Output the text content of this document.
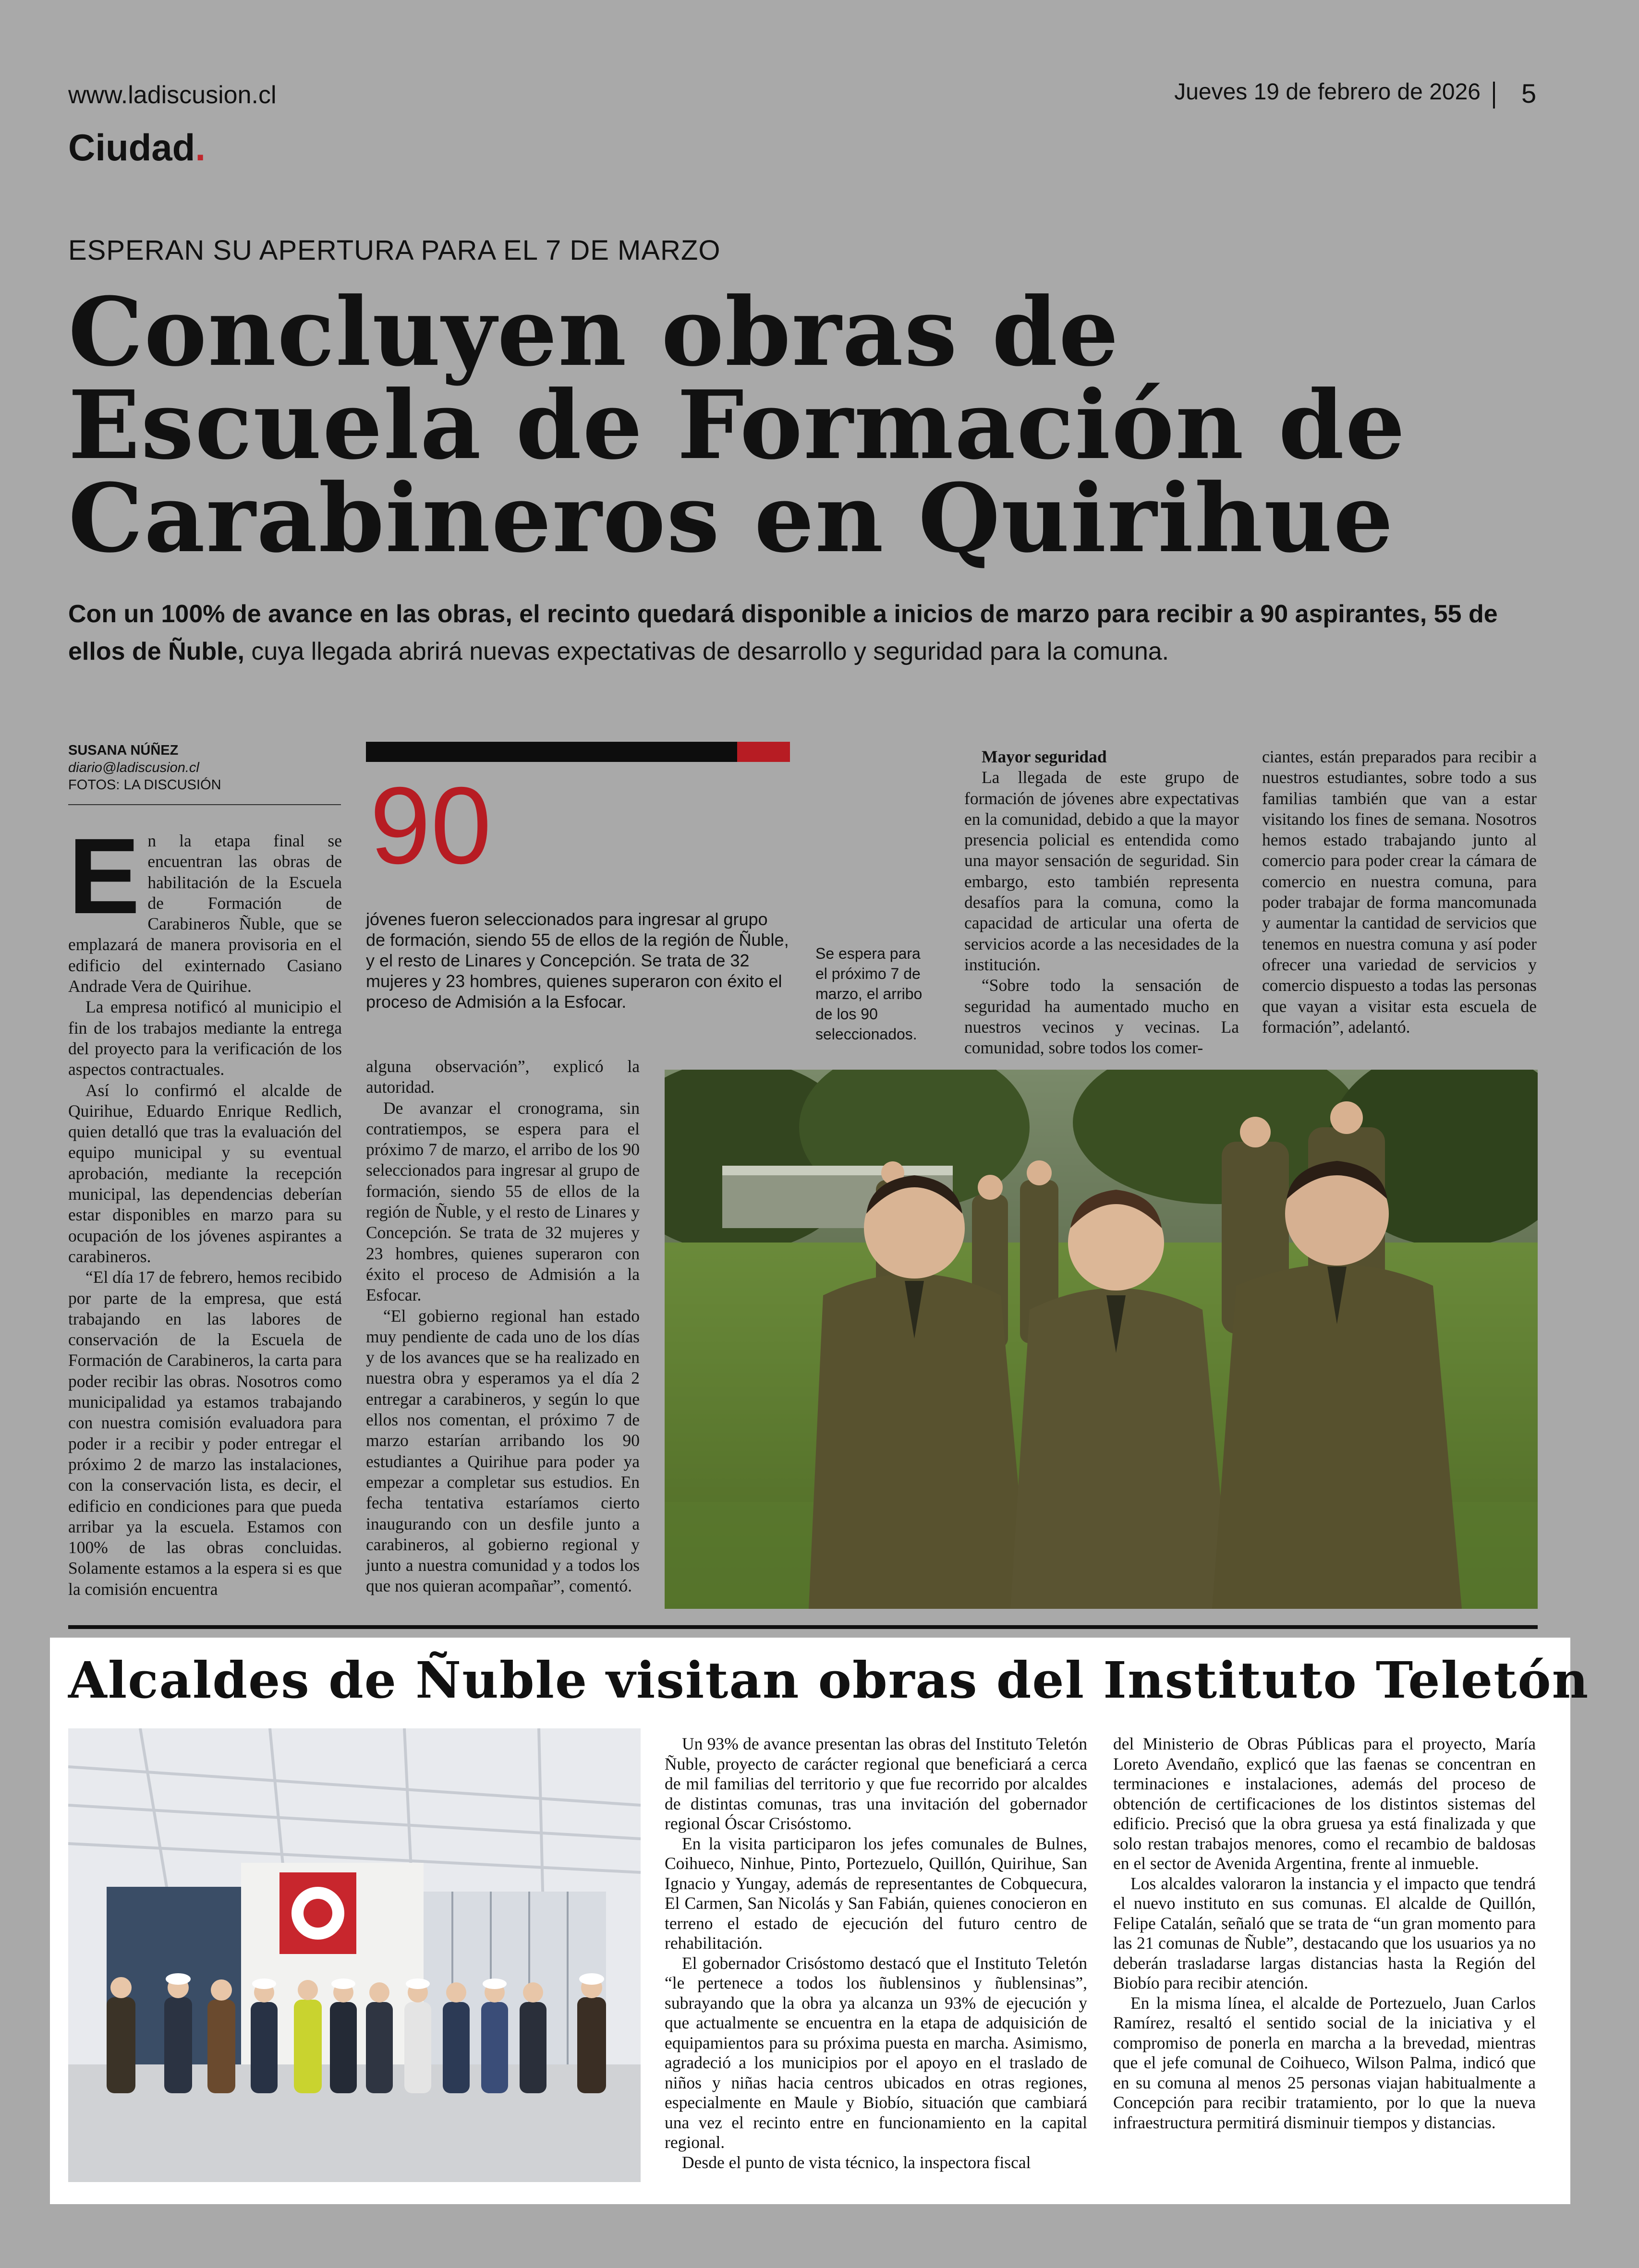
www.ladiscusion.cl	Jueves 19 de febrero de 2026 5
Ciudad.
ESPERAN SU APERTURA PARA EL 7 DE MARZO
Concluyen obras de
Escuela de Formación de
Carabineros en Quirihue
Con un 100% de avance en las obras, el recinto quedará disponible a inicios de marzo para recibir a 90 aspirantes, 55 de ellos de Ñuble, cuya llegada abrirá nuevas expectativas de desarrollo y seguridad para la comuna.
SUSANA NÚÑEZ
diario@ladiscusion.cl
FOTOS: LA DISCUSIÓN

En la etapa final se encuentran las obras de habilitación de la Escuela de Formación de Carabineros Ñuble, que se emplazará de manera provisoria en el edificio del exinternado Casiano Andrade Vera de Quirihue.

La empresa notificó al municipio el fin de los trabajos mediante la entrega del proyecto para la verificación de los aspectos contractuales.

Así lo confirmó el alcalde de Quirihue, Eduardo Enrique Redlich, quien detalló que tras la evaluación del equipo municipal y su eventual aprobación, mediante la recepción municipal, las dependencias deberían estar disponibles en marzo para su ocupación de los jóvenes aspirantes a carabineros.

“El día 17 de febrero, hemos recibido por parte de la empresa, que está trabajando en las labores de conservación de la Escuela de Formación de Carabineros, la carta para poder recibir las obras. Nosotros como municipalidad ya estamos trabajando con nuestra comisión evaluadora para poder ir a recibir y poder entregar el próximo 2 de marzo las instalaciones, con la conservación lista, es decir, el edificio en condiciones para que pueda arribar ya la escuela. Estamos con 100% de las obras concluidas. Solamente estamos a la espera si es que la comisión encuentra

90
jóvenes fueron seleccionados para ingresar al grupo de formación, siendo 55 de ellos de la región de Ñuble, y el resto de Linares y Concepción. Se trata de 32 mujeres y 23 hombres, quienes superaron con éxito el proceso de Admisión a la Esfocar.
Se espera para el próximo 7 de marzo, el arribo de los 90 seleccionados.

alguna observación”, explicó la autoridad.

De avanzar el cronograma, sin contratiempos, se espera para el próximo 7 de marzo, el arribo de los 90 seleccionados para ingresar al grupo de formación, siendo 55 de ellos de la región de Ñuble, y el resto de Linares y Concepción. Se trata de 32 mujeres y 23 hombres, quienes superaron con éxito el proceso de Admisión a la Esfocar.

“El gobierno regional han estado muy pendiente de cada uno de los días y de los avances que se ha realizado en nuestra obra y esperamos ya el día 2 entregar a carabineros, y según lo que ellos nos comentan, el próximo 7 de marzo estarían arribando los 90 estudiantes a Quirihue para poder ya empezar a completar sus estudios. En fecha tentativa estaríamos cierto inaugurando con un desfile junto a carabineros, al gobierno regional y junto a nuestra comunidad y a todos los que nos quieran acompañar”, comentó.

Mayor seguridad

La llegada de este grupo de formación de jóvenes abre expectativas en la comunidad, debido a que la mayor presencia policial es entendida como una mayor sensación de seguridad. Sin embargo, esto también representa desafíos para la comuna, como la capacidad de articular una oferta de servicios acorde a las necesidades de la institución.

“Sobre todo la sensación de seguridad ha aumentado mucho en nuestros vecinos y vecinas. La comunidad, sobre todos los comer-

ciantes, están preparados para recibir a nuestros estudiantes, sobre todo a sus familias también que van a estar visitando los fines de semana. Nosotros hemos estado trabajando junto al comercio para poder crear la cámara de comercio en nuestra comuna, para poder trabajar de forma mancomunada y aumentar la cantidad de servicios que tenemos en nuestra comuna y así poder ofrecer una variedad de servicios y comercio dispuesto a todas las personas que vayan a visitar esta escuela de formación”, adelantó.

Alcaldes de Ñuble visitan obras del Instituto Teletón

Un 93% de avance presentan las obras del Instituto Teletón Ñuble, proyecto de carácter regional que beneficiará a cerca de mil familias del territorio y que fue recorrido por alcaldes de distintas comunas, tras una invitación del gobernador regional Óscar Crisóstomo.

En la visita participaron los jefes comunales de Bulnes, Coihueco, Ninhue, Pinto, Portezuelo, Quillón, Quirihue, San Ignacio y Yungay, además de representantes de Cobquecura, El Carmen, San Nicolás y San Fabián, quienes conocieron en terreno el estado de ejecución del futuro centro de rehabilitación.

El gobernador Crisóstomo destacó que el Instituto Teletón “le pertenece a todos los ñublensinos y ñublensinas”, subrayando que la obra ya alcanza un 93% de ejecución y que actualmente se encuentra en la etapa de adquisición de equipamientos para su próxima puesta en marcha. Asimismo, agradeció a los municipios por el apoyo en el traslado de niños y niñas hacia centros ubicados en otras regiones, especialmente en Maule y Biobío, situación que cambiará una vez el recinto entre en funcionamiento en la capital regional.

Desde el punto de vista técnico, la inspectora fiscal

del Ministerio de Obras Públicas para el proyecto, María Loreto Avendaño, explicó que las faenas se concentran en terminaciones e instalaciones, además del proceso de obtención de certificaciones de los distintos sistemas del edificio. Precisó que la obra gruesa ya está finalizada y que solo restan trabajos menores, como el recambio de baldosas en el sector de Avenida Argentina, frente al inmueble.

Los alcaldes valoraron la instancia y el impacto que tendrá el nuevo instituto en sus comunas. El alcalde de Quillón, Felipe Catalán, señaló que se trata de “un gran momento para las 21 comunas de Ñuble”, destacando que los usuarios ya no deberán trasladarse largas distancias hasta la Región del Biobío para recibir atención.

En la misma línea, el alcalde de Portezuelo, Juan Carlos Ramírez, resaltó el sentido social de la iniciativa y el compromiso de ponerla en marcha a la brevedad, mientras que el jefe comunal de Coihueco, Wilson Palma, indicó que en su comuna al menos 25 personas viajan habitualmente a Concepción para recibir tratamiento, por lo que la nueva infraestructura permitirá disminuir tiempos y distancias.
